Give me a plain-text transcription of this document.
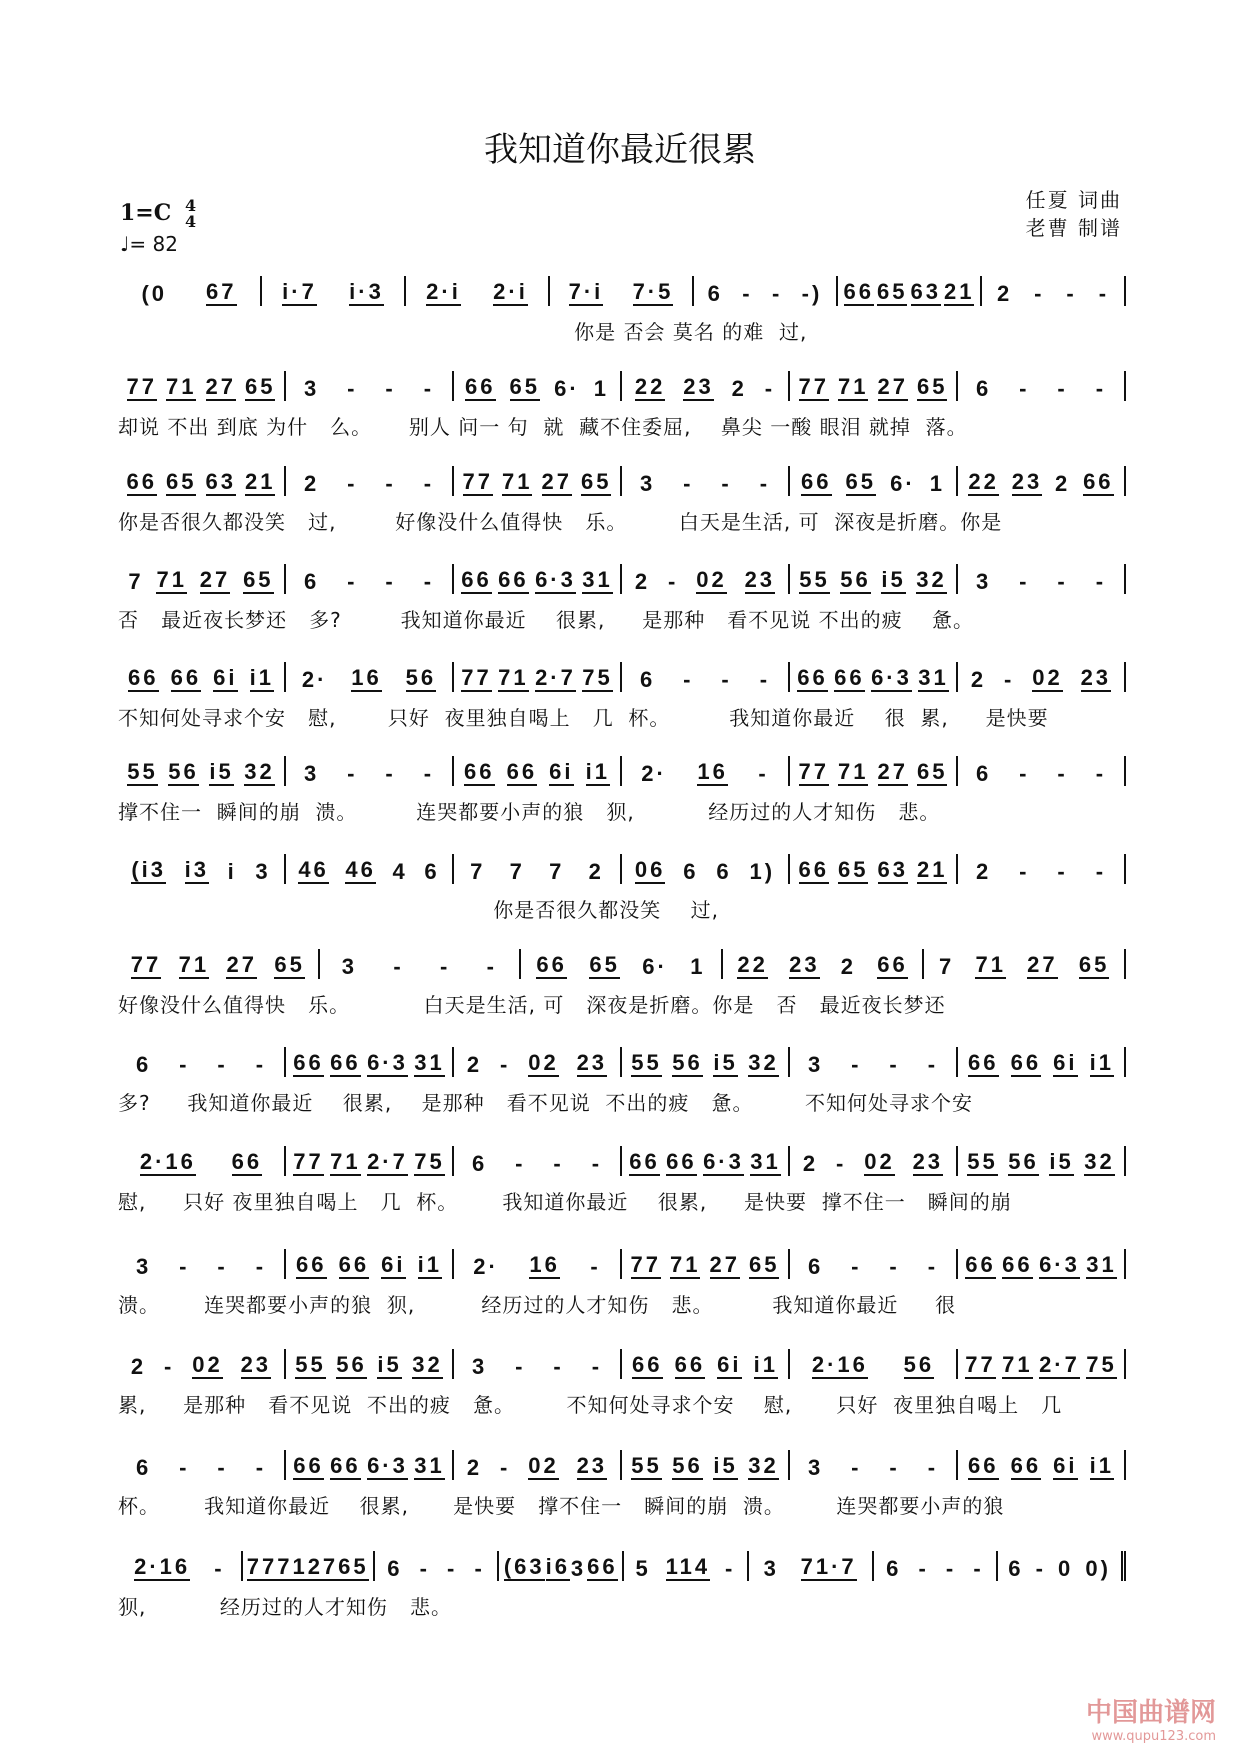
我知道你最近很累
1=C 4
4
♩= 82
任夏 词曲
老曹 制谱
(0 67 i·7 i·3 2·i 2·i 7·i 7·5 6 - - -) 66 65 63 21 2 - - -
你是 否会 莫名 的难  过,
77 71 27 65 3 - - - 66 65 6· 1 22 23 2 - 77 71 27 65 6 - - -
却说 不出 到底 为什   么。     别人 问一 句  就  藏不住委屈,    鼻尖 一酸 眼泪 就掉  落。
66 65 63 21 2 - - - 77 71 27 65 3 - - - 66 65 6· 1 22 23 2 66
你是否很久都没笑   过,        好像没什么值得快   乐。       白天是生活, 可  深夜是折磨。你是
7 71 27 65 6 - - - 66 66 6·3 31 2 - 02 23 55 56 i5 32 3 - - -
否   最近夜长梦还   多?        我知道你最近    很累,     是那种   看不见说 不出的疲    惫。
66 66 6i i1 2· 16 56 77 71 2·7 75 6 - - - 66 66 6·3 31 2 - 02 23
不知何处寻求个安   慰,       只好  夜里独自喝上   几  杯。        我知道你最近    很  累,     是快要
55 56 i5 32 3 - - - 66 66 6i i1 2· 16 - 77 71 27 65 6 - - -
撑不住一  瞬间的崩  溃。        连哭都要小声的狼   狈,          经历过的人才知伤   悲。
(i3 i3 i 3 46 46 4 6 7 7 7 2 06 6 6 1) 66 65 63 21 2 - - -
你是否很久都没笑    过,
77 71 27 65 3 - - - 66 65 6· 1 22 23 2 66 7 71 27 65
好像没什么值得快   乐。          白天是生活, 可   深夜是折磨。你是   否   最近夜长梦还
6 - - - 66 66 6·3 31 2 - 02 23 55 56 i5 32 3 - - - 66 66 6i i1
多?     我知道你最近    很累,    是那种   看不见说  不出的疲   惫。       不知何处寻求个安
2·16 66 77 71 2·7 75 6 - - - 66 66 6·3 31 2 - 02 23 55 56 i5 32
慰,     只好 夜里独自喝上   几  杯。      我知道你最近    很累,     是快要  撑不住一   瞬间的崩
3 - - - 66 66 6i i1 2· 16 - 77 71 27 65 6 - - - 66 66 6·3 31
溃。      连哭都要小声的狼  狈,         经历过的人才知伤   悲。        我知道你最近     很
2 - 02 23 55 56 i5 32 3 - - - 66 66 6i i1 2·16 56 77 71 2·7 75
累,     是那种   看不见说  不出的疲   惫。       不知何处寻求个安    慰,      只好  夜里独自喝上   几
6 - - - 66 66 6·3 31 2 - 02 23 55 56 i5 32 3 - - - 66 66 6i i1
杯。      我知道你最近    很累,      是快要   撑不住一   瞬间的崩  溃。       连哭都要小声的狼
2·16 - 77 71 27 65 6 - - - (63 i6 3 66 5 114 - 3 71·7 6 - - - 6 - 0 0)
狈,          经历过的人才知伤   悲。
中国曲谱网
www.qupu123.com
